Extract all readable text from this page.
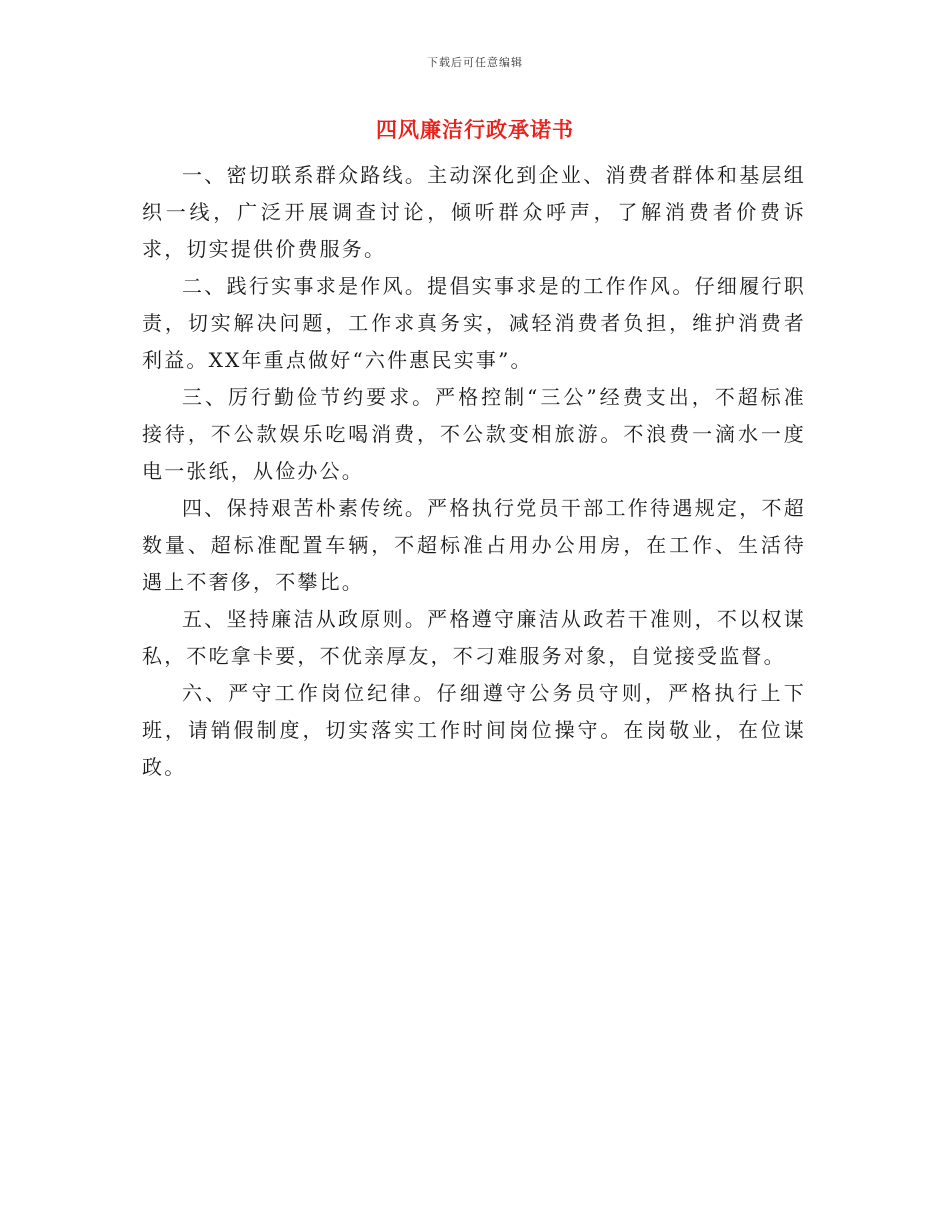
下载后可任意编辑
四风廉洁行政承诺书

一、密切联系群众路线。主动深化到企业、消费者群体和基层组织一线，广泛开展调查讨论，倾听群众呼声，了解消费者价费诉求，切实提供价费服务。

二、践行实事求是作风。提倡实事求是的工作作风。仔细履行职责，切实解决问题，工作求真务实，减轻消费者负担，维护消费者利益。XX年重点做好“六件惠民实事”。

三、厉行勤俭节约要求。严格控制“三公”经费支出，不超标准接待，不公款娱乐吃喝消费，不公款变相旅游。不浪费一滴水一度电一张纸，从俭办公。

四、保持艰苦朴素传统。严格执行党员干部工作待遇规定，不超数量、超标准配置车辆，不超标准占用办公用房，在工作、生活待遇上不奢侈，不攀比。

五、坚持廉洁从政原则。严格遵守廉洁从政若干准则，不以权谋私，不吃拿卡要，不优亲厚友，不刁难服务对象，自觉接受监督。

六、严守工作岗位纪律。仔细遵守公务员守则，严格执行上下班，请销假制度，切实落实工作时间岗位操守。在岗敬业，在位谋政。
